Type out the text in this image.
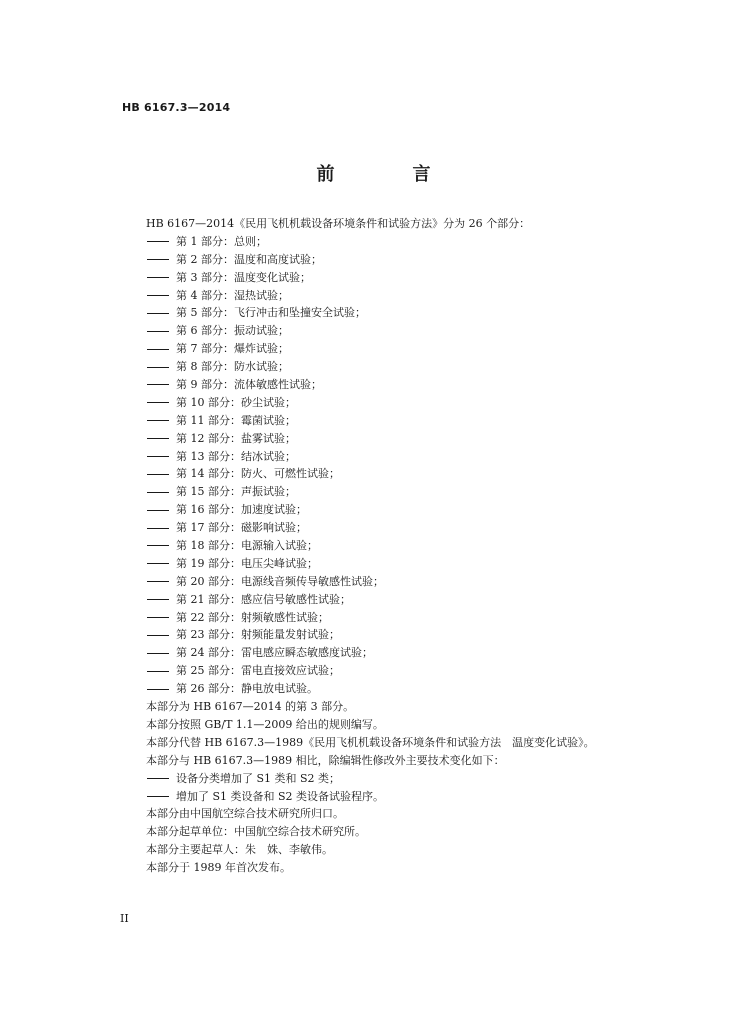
HB 6167.3—2014
前　言
HB 6167—2014《民用飞机机载设备环境条件和试验方法》分为 26 个部分：
第 1 部分：总则；
第 2 部分：温度和高度试验；
第 3 部分：温度变化试验；
第 4 部分：湿热试验；
第 5 部分：飞行冲击和坠撞安全试验；
第 6 部分：振动试验；
第 7 部分：爆炸试验；
第 8 部分：防水试验；
第 9 部分：流体敏感性试验；
第 10 部分：砂尘试验；
第 11 部分：霉菌试验；
第 12 部分：盐雾试验；
第 13 部分：结冰试验；
第 14 部分：防火、可燃性试验；
第 15 部分：声振试验；
第 16 部分：加速度试验；
第 17 部分：磁影响试验；
第 18 部分：电源输入试验；
第 19 部分：电压尖峰试验；
第 20 部分：电源线音频传导敏感性试验；
第 21 部分：感应信号敏感性试验；
第 22 部分：射频敏感性试验；
第 23 部分：射频能量发射试验；
第 24 部分：雷电感应瞬态敏感度试验；
第 25 部分：雷电直接效应试验；
第 26 部分：静电放电试验。
本部分为 HB 6167—2014 的第 3 部分。
本部分按照 GB/T 1.1—2009 给出的规则编写。
本部分代替 HB 6167.3—1989《民用飞机机载设备环境条件和试验方法　温度变化试验》。
本部分与 HB 6167.3—1989 相比，除编辑性修改外主要技术变化如下：
设备分类增加了 S1 类和 S2 类；
增加了 S1 类设备和 S2 类设备试验程序。
本部分由中国航空综合技术研究所归口。
本部分起草单位：中国航空综合技术研究所。
本部分主要起草人：朱　姝、李敏伟。
本部分于 1989 年首次发布。
II
